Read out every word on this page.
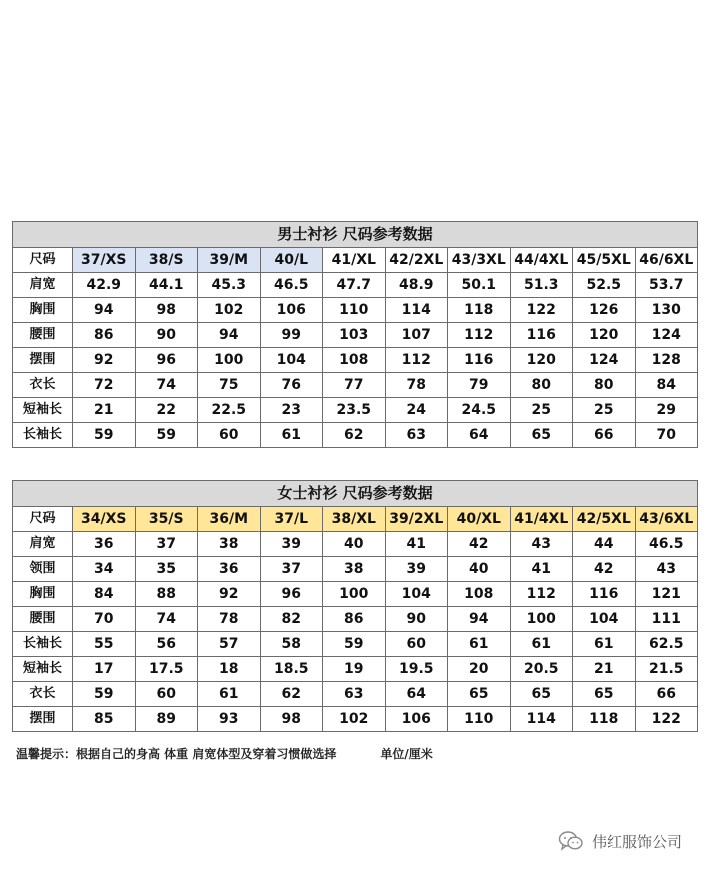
男士衬衫 尺码参考数据										
尺码	37/XS	38/S	39/M	40/L	41/XL	42/2XL	43/3XL	44/4XL	45/5XL	46/6XL
肩宽	42.9	44.1	45.3	46.5	47.7	48.9	50.1	51.3	52.5	53.7
胸围	94	98	102	106	110	114	118	122	126	130
腰围	86	90	94	99	103	107	112	116	120	124
摆围	92	96	100	104	108	112	116	120	124	128
衣长	72	74	75	76	77	78	79	80	80	84
短袖长	21	22	22.5	23	23.5	24	24.5	25	25	29
长袖长	59	59	60	61	62	63	64	65	66	70
女士衬衫 尺码参考数据										
尺码	34/XS	35/S	36/M	37/L	38/XL	39/2XL	40/XL	41/4XL	42/5XL	43/6XL
肩宽	36	37	38	39	40	41	42	43	44	46.5
领围	34	35	36	37	38	39	40	41	42	43
胸围	84	88	92	96	100	104	108	112	116	121
腰围	70	74	78	82	86	90	94	100	104	111
长袖长	55	56	57	58	59	60	61	61	61	62.5
短袖长	17	17.5	18	18.5	19	19.5	20	20.5	21	21.5
衣长	59	60	61	62	63	64	65	65	65	66
摆围	85	89	93	98	102	106	110	114	118	122
温馨提示：根据自己的身高 体重 肩宽体型及穿着习惯做选择	单位/厘米
伟红服饰公司
